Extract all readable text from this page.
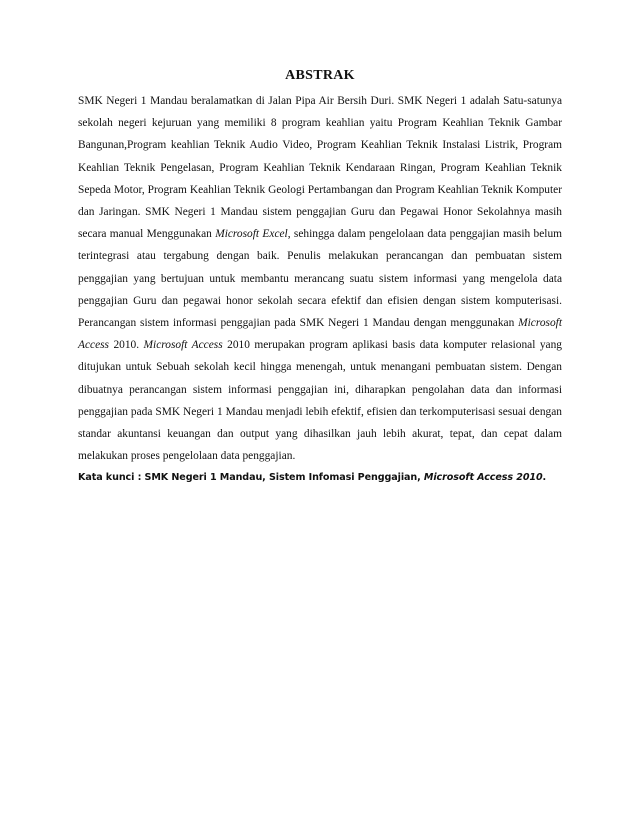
ABSTRAK

SMK Negeri 1 Mandau beralamatkan di Jalan Pipa Air Bersih Duri. SMK Negeri 1 adalah Satu-satunya sekolah negeri kejuruan yang memiliki 8 program keahlian yaitu Program Keahlian Teknik Gambar Bangunan,Program keahlian Teknik Audio Video, Program Keahlian Teknik Instalasi Listrik, Program Keahlian Teknik Pengelasan, Program Keahlian Teknik Kendaraan Ringan, Program Keahlian Teknik Sepeda Motor, Program Keahlian Teknik Geologi Pertambangan dan Program Keahlian Teknik Komputer dan Jaringan. SMK Negeri 1 Mandau sistem penggajian Guru dan Pegawai Honor Sekolahnya masih secara manual Menggunakan Microsoft Excel, sehingga dalam pengelolaan data penggajian masih belum terintegrasi atau tergabung dengan baik. Penulis melakukan perancangan dan pembuatan sistem penggajian yang bertujuan untuk membantu merancang suatu sistem informasi yang mengelola data penggajian Guru dan pegawai honor sekolah secara efektif dan efisien dengan sistem komputerisasi. Perancangan sistem informasi penggajian pada SMK Negeri 1 Mandau dengan menggunakan Microsoft Access 2010. Microsoft Access 2010 merupakan program aplikasi basis data komputer relasional yang ditujukan untuk Sebuah sekolah kecil hingga menengah, untuk menangani pembuatan sistem. Dengan dibuatnya perancangan sistem informasi penggajian ini, diharapkan pengolahan data dan informasi penggajian pada SMK Negeri 1 Mandau menjadi lebih efektif, efisien dan terkomputerisasi sesuai dengan standar akuntansi keuangan dan output yang dihasilkan jauh lebih akurat, tepat, dan cepat dalam melakukan proses pengelolaan data penggajian.

Kata kunci : SMK Negeri 1 Mandau, Sistem Infomasi Penggajian, Microsoft Access 2010.
